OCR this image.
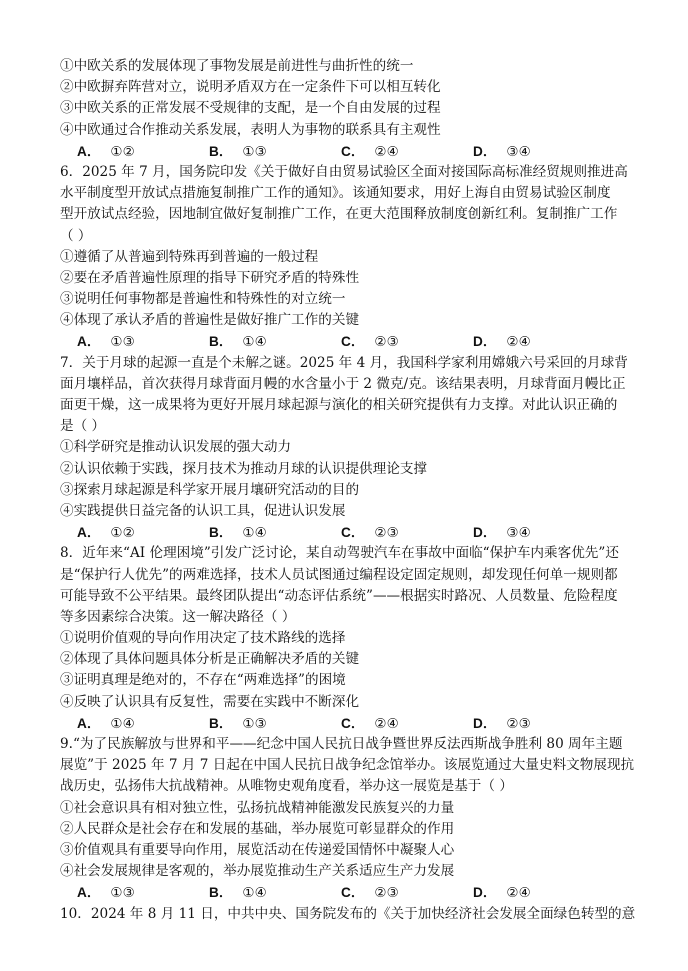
①中欧关系的发展体现了事物发展是前进性与曲折性的统一
②中欧摒弃阵营对立，说明矛盾双方在一定条件下可以相互转化
③中欧关系的正常发展不受规律的支配，是一个自由发展的过程
④中欧通过合作推动关系发展，表明人为事物的联系具有主观性
A． ①②	B． ①③	C． ②④	D． ③④
6．2025 年 7 月，国务院印发《关于做好自由贸易试验区全面对接国际高标准经贸规则推进高
水平制度型开放试点措施复制推广工作的通知》。该通知要求，用好上海自由贸易试验区制度
型开放试点经验，因地制宜做好复制推广工作，在更大范围释放制度创新红利。复制推广工作
（ ）
①遵循了从普遍到特殊再到普遍的一般过程
②要在矛盾普遍性原理的指导下研究矛盾的特殊性
③说明任何事物都是普遍性和特殊性的对立统一
④体现了承认矛盾的普遍性是做好推广工作的关键
A． ①③	B． ①④	C． ②③	D． ②④
7．关于月球的起源一直是个未解之谜。2025 年 4 月，我国科学家利用嫦娥六号采回的月球背
面月壤样品，首次获得月球背面月幔的水含量小于 2 微克/克。该结果表明，月球背面月幔比正
面更干燥，这一成果将为更好开展月球起源与演化的相关研究提供有力支撑。对此认识正确的
是（ ）
①科学研究是推动认识发展的强大动力
②认识依赖于实践，探月技术为推动月球的认识提供理论支撑
③探索月球起源是科学家开展月壤研究活动的目的
④实践提供日益完备的认识工具，促进认识发展
A． ①②	B． ①④	C． ②③	D． ③④
8．近年来“AI 伦理困境”引发广泛讨论，某自动驾驶汽车在事故中面临“保护车内乘客优先”还
是“保护行人优先”的两难选择，技术人员试图通过编程设定固定规则，却发现任何单一规则都
可能导致不公平结果。最终团队提出“动态评估系统”——根据实时路况、人员数量、危险程度
等多因素综合决策。这一解决路径（ ）
①说明价值观的导向作用决定了技术路线的选择
②体现了具体问题具体分析是正确解决矛盾的关键
③证明真理是绝对的，不存在“两难选择”的困境
④反映了认识具有反复性，需要在实践中不断深化
A． ①④	B． ①③	C． ②④	D． ②③
9.“为了民族解放与世界和平——纪念中国人民抗日战争暨世界反法西斯战争胜利 80 周年主题
展览”于 2025 年 7 月 7 日起在中国人民抗日战争纪念馆举办。该展览通过大量史料文物展现抗
战历史，弘扬伟大抗战精神。从唯物史观角度看，举办这一展览是基于（ ）
①社会意识具有相对独立性，弘扬抗战精神能激发民族复兴的力量
②人民群众是社会存在和发展的基础，举办展览可彰显群众的作用
③价值观具有重要导向作用，展览活动在传递爱国情怀中凝聚人心
④社会发展规律是客观的，举办展览推动生产关系适应生产力发展
A． ①③	B． ①④	C． ②③	D． ②④
10．2024 年 8 月 11 日，中共中央、国务院发布的《关于加快经济社会发展全面绿色转型的意
